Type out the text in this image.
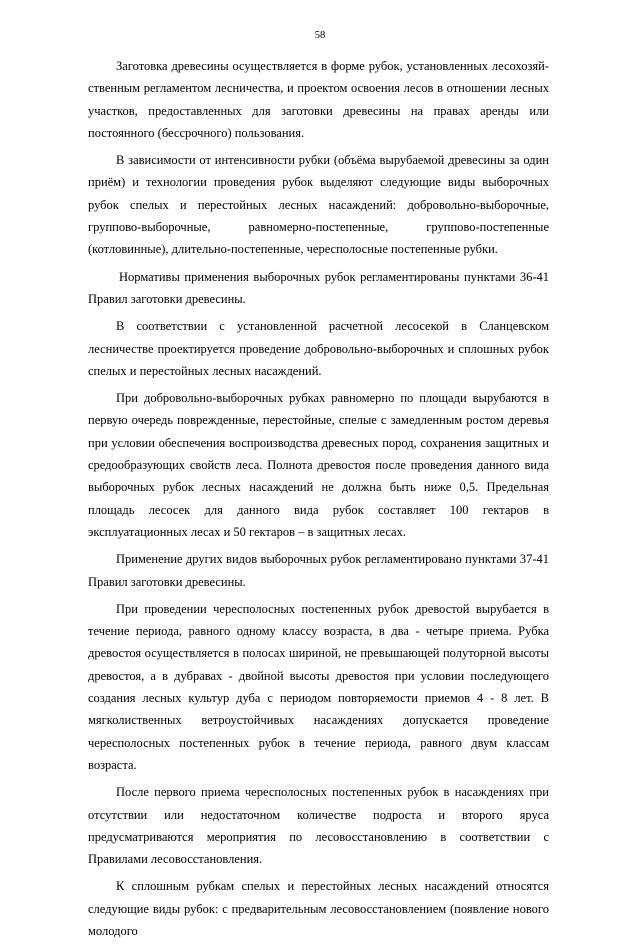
58

Заготовка древесины осуществляется в форме рубок, установленных лесохозяйственным регламентом лесничества, и проектом освоения лесов в отношении лесных участков, предоставленных для заготовки древесины на правах аренды или постоянного (бессрочного) пользования.

В зависимости от интенсивности рубки (объёма вырубаемой древесины за один приём) и технологии проведения рубок выделяют следующие виды выборочных рубок спелых и перестойных лесных насаждений: добровольно-выборочные, группово-выборочные, равномерно-постепенные, группово-постепенные (котловинные), длительно-постепенные, чересполосные постепенные рубки.

Нормативы применения выборочных рубок регламентированы пунктами 36-41 Правил заготовки древесины.

В соответствии с установленной расчетной лесосекой в Сланцевском лесничестве проектируется проведение добровольно-выборочных и сплошных рубок спелых и перестойных лесных насаждений.

При добровольно-выборочных рубках равномерно по площади вырубаются в первую очередь поврежденные, перестойные, спелые с замедленным ростом деревья при условии обеспечения воспроизводства древесных пород, сохранения защитных и средообразующих свойств леса. Полнота древостоя после проведения данного вида выборочных рубок лесных насаждений не должна быть ниже 0,5. Предельная площадь лесосек для данного вида рубок составляет 100 гектаров в эксплуатационных лесах и 50 гектаров – в защитных лесах.

Применение других видов выборочных рубок регламентировано пунктами 37-41 Правил заготовки древесины.

При проведении чересполосных постепенных рубок древостой вырубается в течение периода, равного одному классу возраста, в два - четыре приема. Рубка древостоя осуществляется в полосах шириной, не превышающей полуторной высоты древостоя, а в дубравах - двойной высоты древостоя при условии последующего создания лесных культур дуба с периодом повторяемости приемов 4 - 8 лет. В мягколиственных ветроустойчивых насаждениях допускается проведение чересполосных постепенных рубок в течение периода, равного двум классам возраста.

После первого приема чересполосных постепенных рубок в насаждениях при отсутствии или недостаточном количестве подроста и второго яруса предусматриваются мероприятия по лесовосстановлению в соответствии с Правилами лесовосстановления.

К сплошным рубкам спелых и перестойных лесных насаждений относятся следующие виды рубок: с предварительным лесовосстановлением (появление нового молодого
